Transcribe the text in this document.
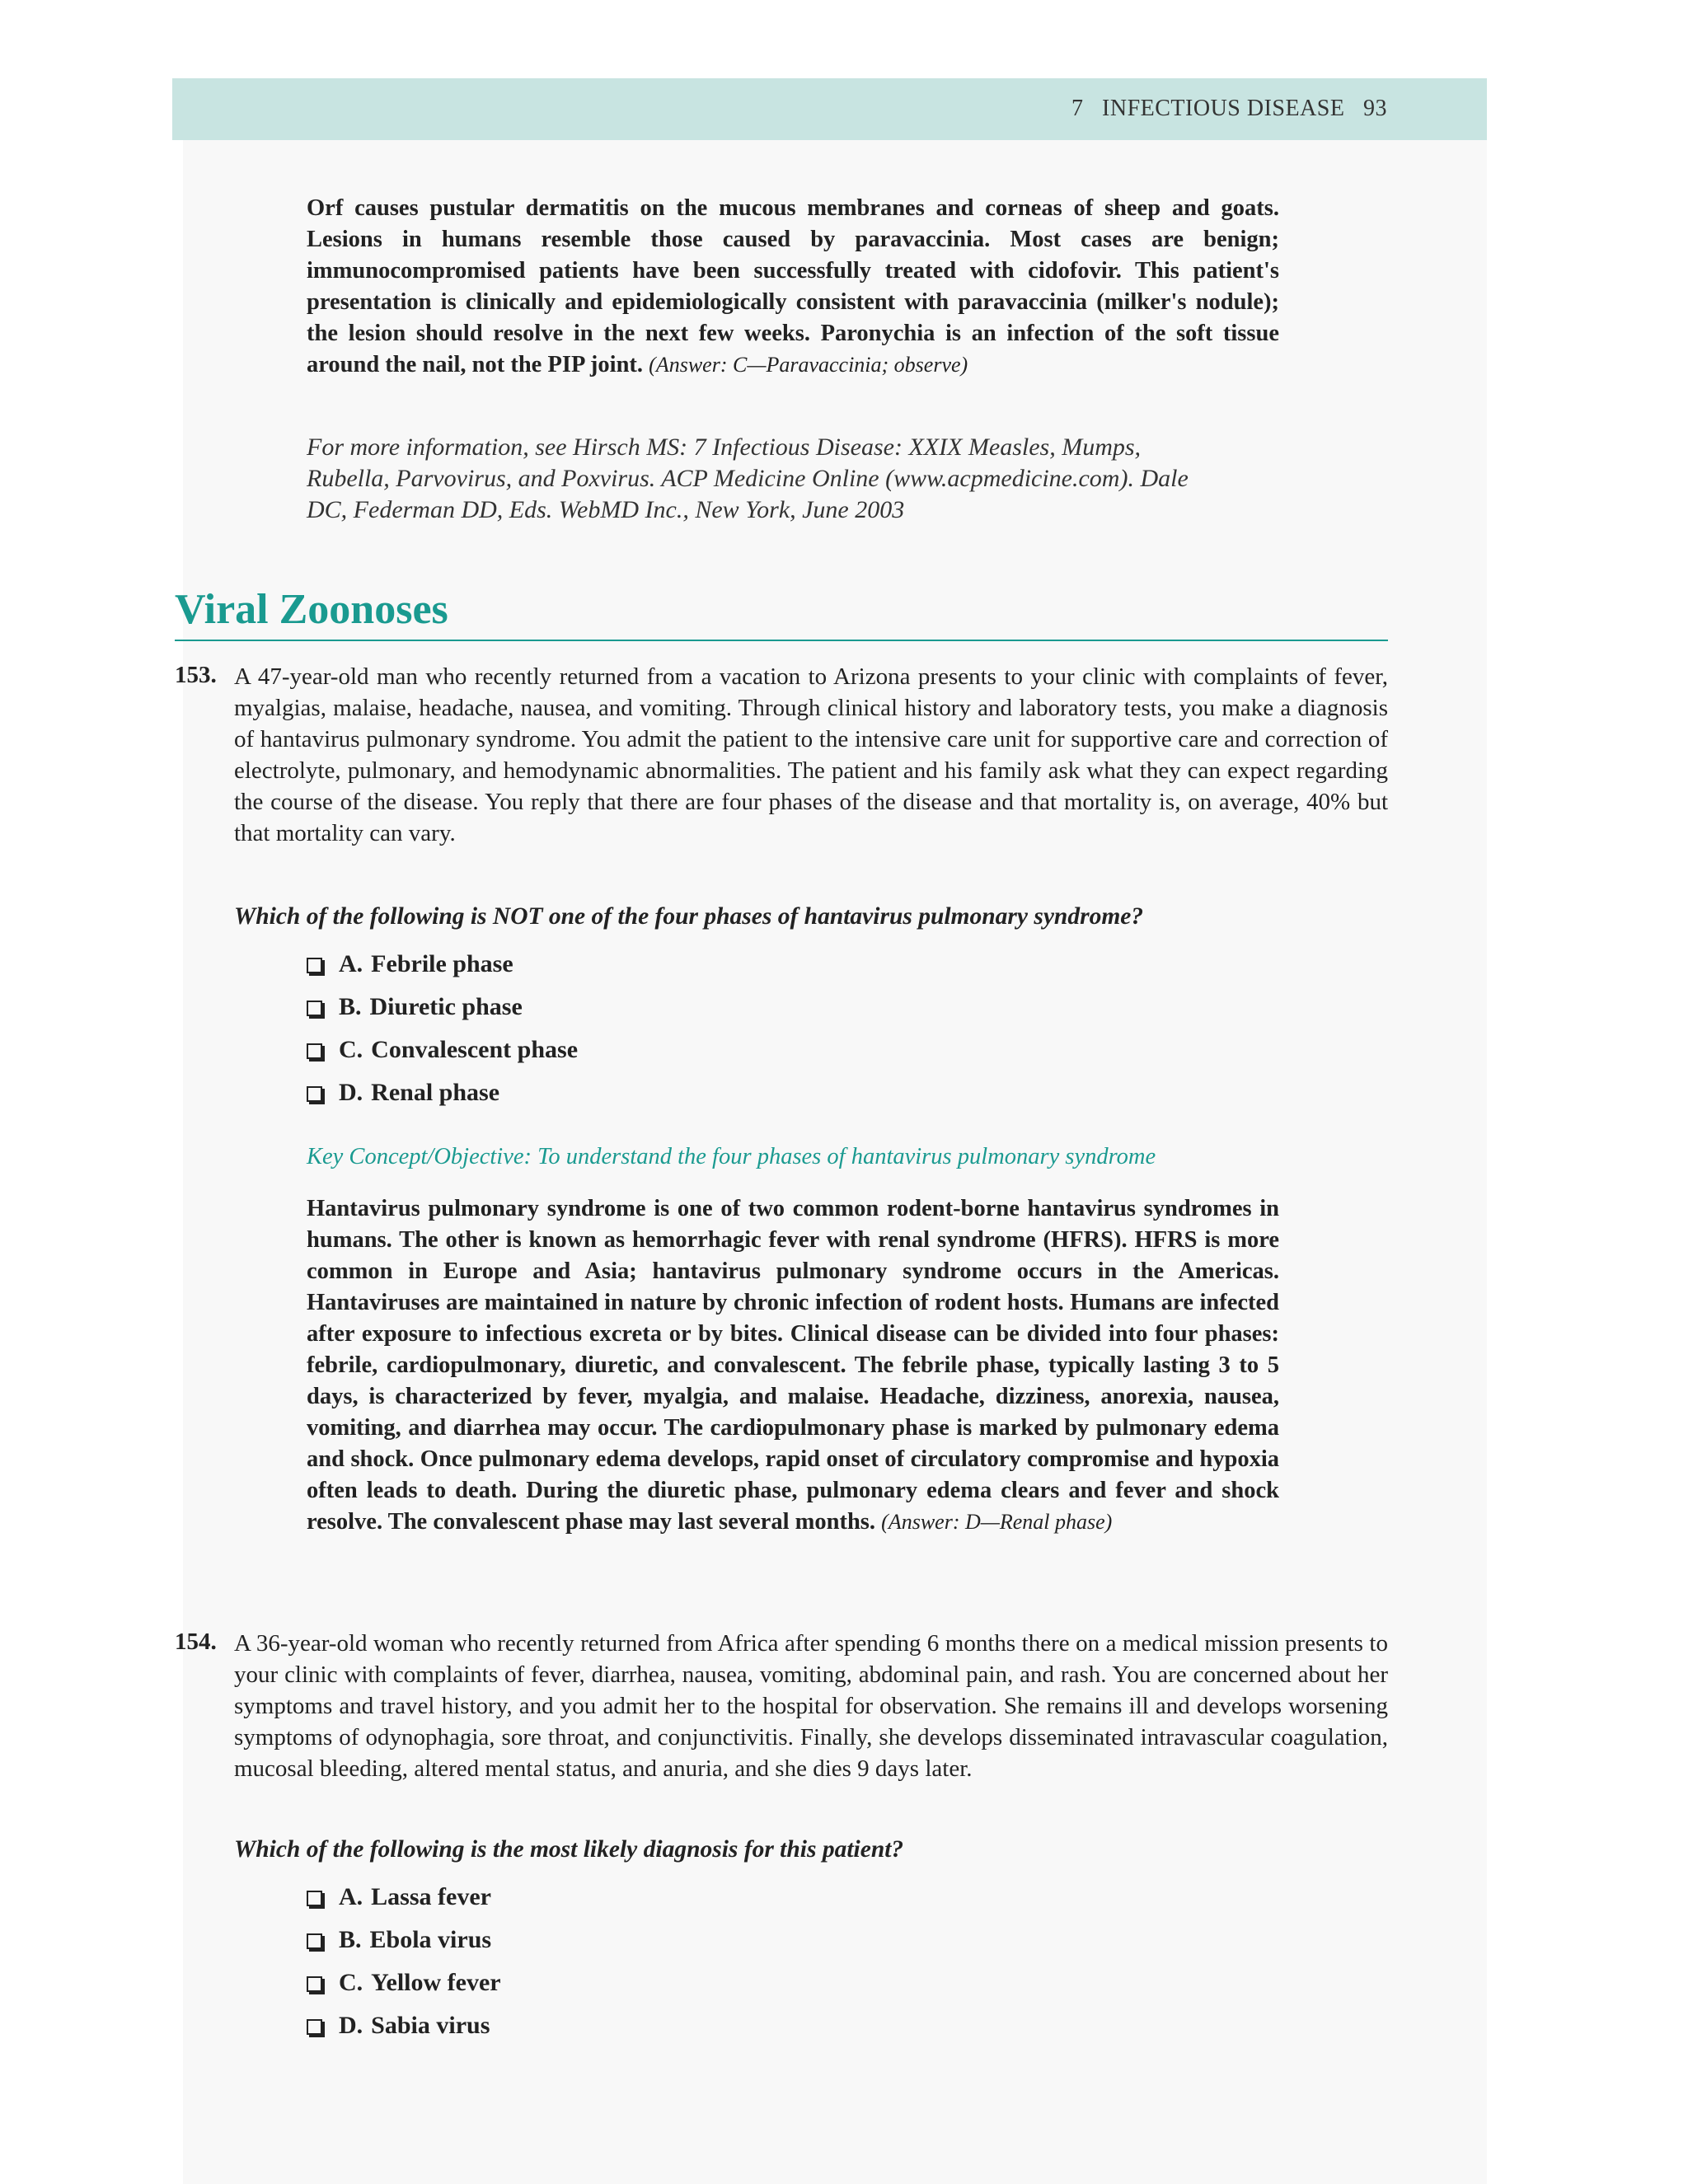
7 INFECTIOUS DISEASE 93
Orf causes pustular dermatitis on the mucous membranes and corneas of sheep and goats. Lesions in humans resemble those caused by paravaccinia. Most cases are benign; immunocompromised patients have been successfully treated with cidofovir. This patient's presentation is clinically and epidemiologically consistent with paravaccinia (milker's nodule); the lesion should resolve in the next few weeks. Paronychia is an infection of the soft tissue around the nail, not the PIP joint. (Answer: C—Paravaccinia; observe)
For more information, see Hirsch MS: 7 Infectious Disease: XXIX Measles, Mumps,
Rubella, Parvovirus, and Poxvirus. ACP Medicine Online (www.acpmedicine.com). Dale
DC, Federman DD, Eds. WebMD Inc., New York, June 2003
Viral Zoonoses
153. A 47-year-old man who recently returned from a vacation to Arizona presents to your clinic with complaints of fever, myalgias, malaise, headache, nausea, and vomiting. Through clinical history and laboratory tests, you make a diagnosis of hantavirus pulmonary syndrome. You admit the patient to the intensive care unit for supportive care and correction of electrolyte, pulmonary, and hemodynamic abnormalities. The patient and his family ask what they can expect regarding the course of the disease. You reply that there are four phases of the disease and that mortality is, on average, 40% but that mortality can vary.
Which of the following is NOT one of the four phases of hantavirus pulmonary syndrome?
A. Febrile phase
B. Diuretic phase
C. Convalescent phase
D. Renal phase
Key Concept/Objective: To understand the four phases of hantavirus pulmonary syndrome
Hantavirus pulmonary syndrome is one of two common rodent-borne hantavirus syndromes in humans. The other is known as hemorrhagic fever with renal syndrome (HFRS). HFRS is more common in Europe and Asia; hantavirus pulmonary syndrome occurs in the Americas. Hantaviruses are maintained in nature by chronic infection of rodent hosts. Humans are infected after exposure to infectious excreta or by bites. Clinical disease can be divided into four phases: febrile, cardiopulmonary, diuretic, and convalescent. The febrile phase, typically lasting 3 to 5 days, is characterized by fever, myalgia, and malaise. Headache, dizziness, anorexia, nausea, vomiting, and diarrhea may occur. The cardiopulmonary phase is marked by pulmonary edema and shock. Once pulmonary edema develops, rapid onset of circulatory compromise and hypoxia often leads to death. During the diuretic phase, pulmonary edema clears and fever and shock resolve. The convalescent phase may last several months. (Answer: D—Renal phase)
154. A 36-year-old woman who recently returned from Africa after spending 6 months there on a medical mission presents to your clinic with complaints of fever, diarrhea, nausea, vomiting, abdominal pain, and rash. You are concerned about her symptoms and travel history, and you admit her to the hospital for observation. She remains ill and develops worsening symptoms of odynophagia, sore throat, and conjunctivitis. Finally, she develops disseminated intravascular coagulation, mucosal bleeding, altered mental status, and anuria, and she dies 9 days later.
Which of the following is the most likely diagnosis for this patient?
A. Lassa fever
B. Ebola virus
C. Yellow fever
D. Sabia virus
